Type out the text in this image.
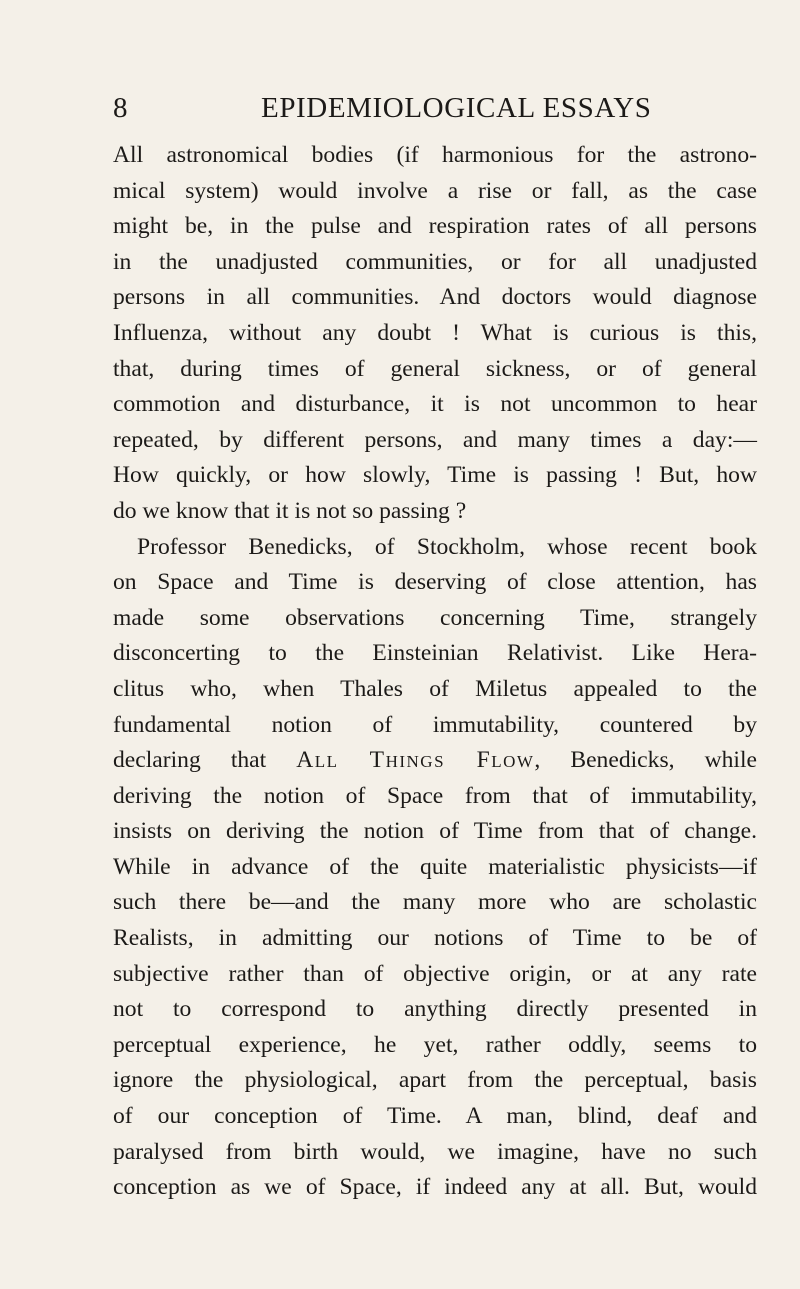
8	EPIDEMIOLOGICAL ESSAYS
All astronomical bodies (if harmonious for the astrono-
mical system) would involve a rise or fall, as the case
might be, in the pulse and respiration rates of all persons
in the unadjusted communities, or for all unadjusted
persons in all communities. And doctors would diagnose
Influenza, without any doubt ! What is curious is this,
that, during times of general sickness, or of general
commotion and disturbance, it is not uncommon to hear
repeated, by different persons, and many times a day:—
How quickly, or how slowly, Time is passing ! But, how
do we know that it is not so passing ?
Professor Benedicks, of Stockholm, whose recent book
on Space and Time is deserving of close attention, has
made some observations concerning Time, strangely
disconcerting to the Einsteinian Relativist. Like Hera-
clitus who, when Thales of Miletus appealed to the
fundamental notion of immutability, countered by
declaring that All Things Flow, Benedicks, while
deriving the notion of Space from that of immutability,
insists on deriving the notion of Time from that of change.
While in advance of the quite materialistic physicists—if
such there be—and the many more who are scholastic
Realists, in admitting our notions of Time to be of
subjective rather than of objective origin, or at any rate
not to correspond to anything directly presented in
perceptual experience, he yet, rather oddly, seems to
ignore the physiological, apart from the perceptual, basis
of our conception of Time. A man, blind, deaf and
paralysed from birth would, we imagine, have no such
conception as we of Space, if indeed any at all. But, would
